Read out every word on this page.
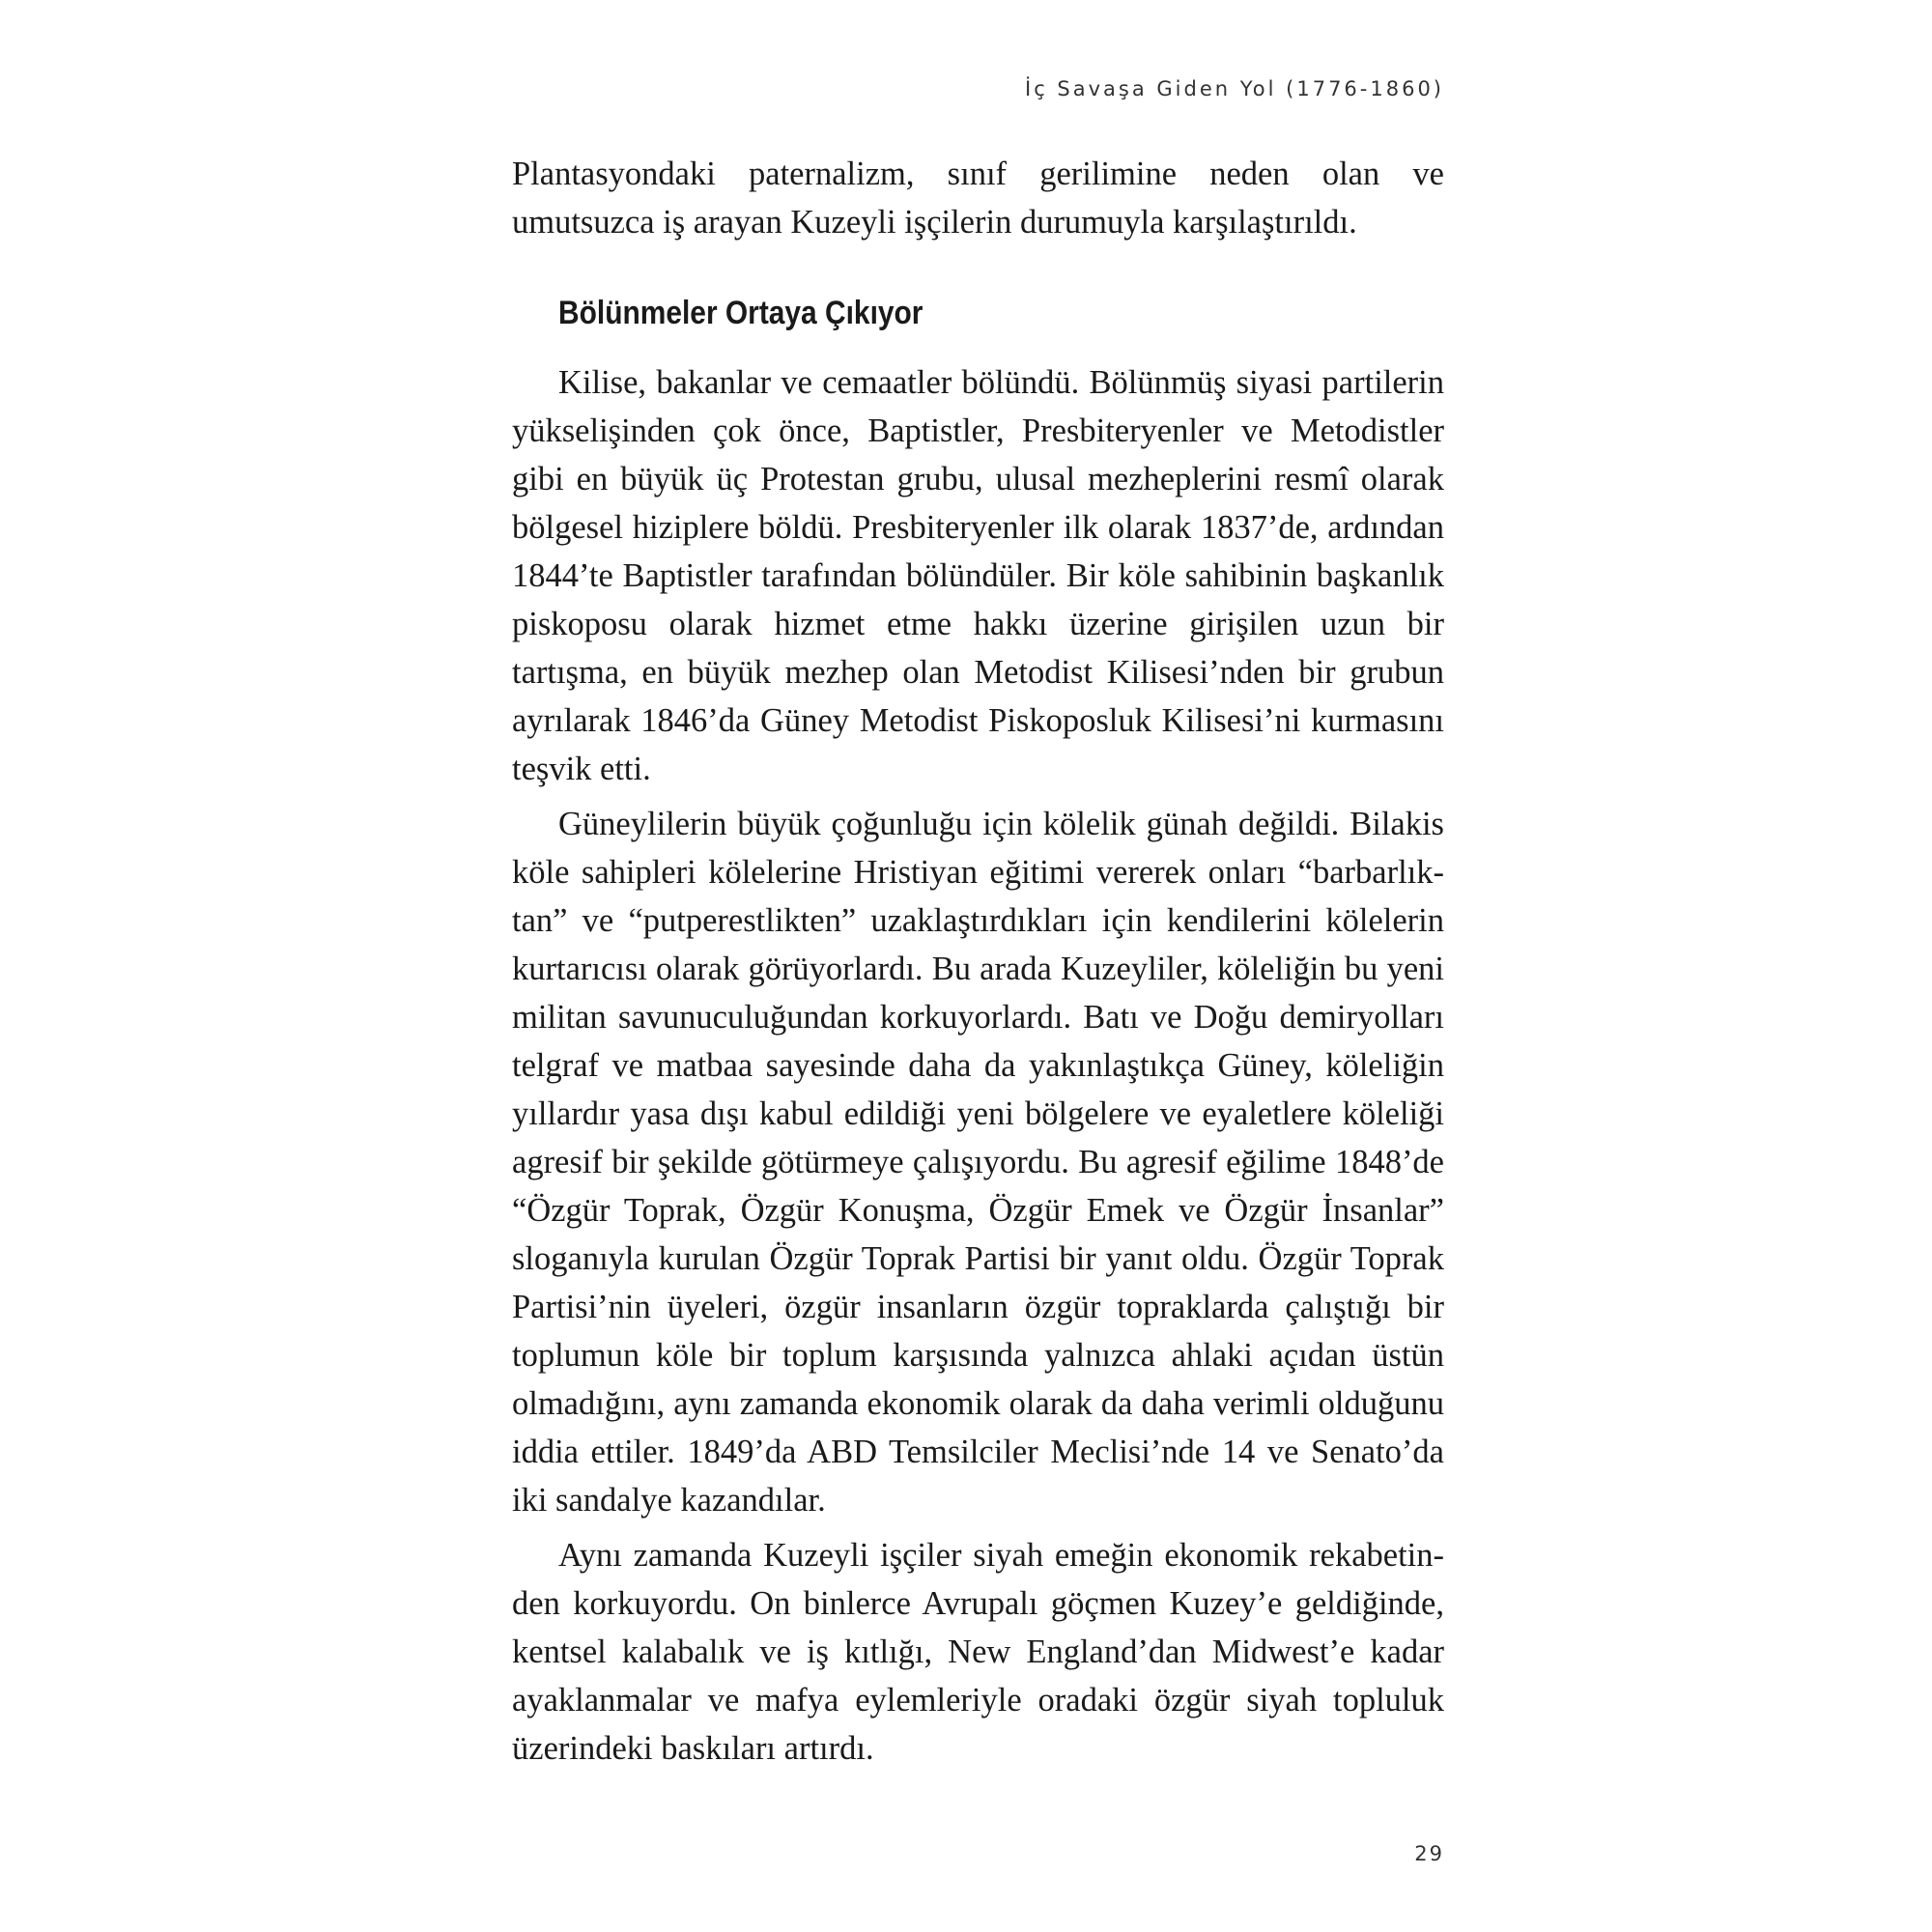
İç Savaşa Giden Yol (1776-1860)

Plantasyondaki paternalizm, sınıf gerilimine neden olan ve umutsuzca iş arayan Kuzeyli işçilerin durumuyla karşılaştırıldı.

Bölünmeler Ortaya Çıkıyor

Kilise, bakanlar ve cemaatler bölündü. Bölünmüş siyasi partilerin yükselişinden çok önce, Baptistler, Presbiteryenler ve Metodistler gibi en büyük üç Protestan grubu, ulusal mezheplerini resmî olarak bölgesel hiziplere böldü. Presbiteryenler ilk olarak 1837’de, ardından 1844’te Baptistler tarafından bölündüler. Bir köle sahibinin başkanlık piskoposu olarak hizmet etme hakkı üzerine girişilen uzun bir tartışma, en büyük mezhep olan Metodist Kilisesi’nden bir grubun ayrılarak 1846’da Güney Metodist Piskoposluk Kilisesi’ni kurmasını teşvik etti.

Güneylilerin büyük çoğunluğu için kölelik günah değildi. Bilakis köle sahipleri kölelerine Hristiyan eğitimi vererek onları “barbarlıktan” ve “putperestlikten” uzaklaştırdıkları için kendilerini kölelerin kurtarıcısı olarak görüyorlardı. Bu arada Kuzeyliler, köleliğin bu yeni militan savunuculuğundan korkuyorlardı. Batı ve Doğu demiryolları telgraf ve matbaa sayesinde daha da yakınlaştıkça Güney, köleliğin yıllardır yasa dışı kabul edildiği yeni bölgelere ve eyaletlere köleliği agresif bir şekilde götürmeye çalışıyordu. Bu agresif eğilime 1848’de “Özgür Toprak, Özgür Konuşma, Özgür Emek ve Özgür İnsanlar” sloganıyla kurulan Özgür Toprak Partisi bir yanıt oldu. Özgür Toprak Partisi’nin üyeleri, özgür insanların özgür topraklarda çalıştığı bir toplumun köle bir toplum karşısında yalnızca ahlaki açıdan üstün olmadığını, aynı zamanda ekonomik olarak da daha verimli olduğunu iddia ettiler. 1849’da ABD Temsilciler Meclisi’nde 14 ve Senato’da iki sandalye kazandılar.

Aynı zamanda Kuzeyli işçiler siyah emeğin ekonomik rekabetinden korkuyordu. On binlerce Avrupalı göçmen Kuzey’e geldiğinde, kentsel kalabalık ve iş kıtlığı, New England’dan Midwest’e kadar ayaklanmalar ve mafya eylemleriyle oradaki özgür siyah topluluk üzerindeki baskıları artırdı.

29
